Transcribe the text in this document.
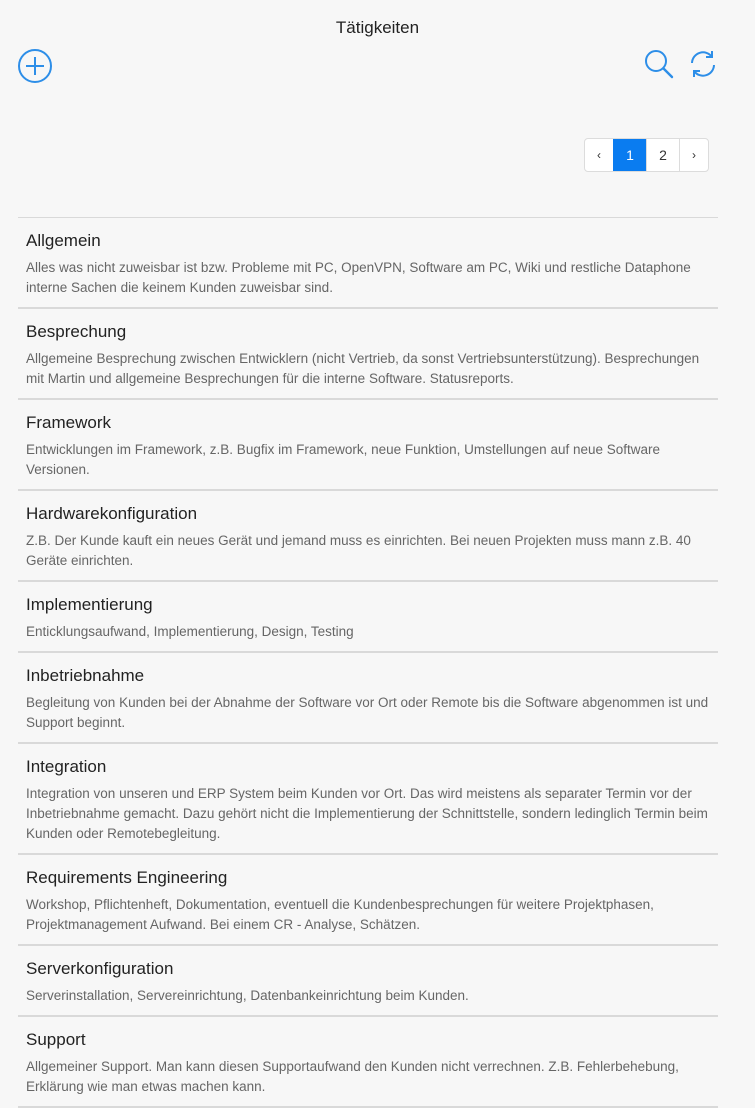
Tätigkeiten
‹	1	2	›
Allgemein
Alles was nicht zuweisbar ist bzw. Probleme mit PC, OpenVPN, Software am PC, Wiki und restliche Dataphone interne Sachen die keinem Kunden zuweisbar sind.
Besprechung
Allgemeine Besprechung zwischen Entwicklern (nicht Vertrieb, da sonst Vertriebsunterstützung). Besprechungen mit Martin und allgemeine Besprechungen für die interne Software. Statusreports.
Framework
Entwicklungen im Framework, z.B. Bugfix im Framework, neue Funktion, Umstellungen auf neue Software Versionen.
Hardwarekonfiguration
Z.B. Der Kunde kauft ein neues Gerät und jemand muss es einrichten. Bei neuen Projekten muss mann z.B. 40 Geräte einrichten.
Implementierung
Enticklungsaufwand, Implementierung, Design, Testing
Inbetriebnahme
Begleitung von Kunden bei der Abnahme der Software vor Ort oder Remote bis die Software abgenommen ist und Support beginnt.
Integration
Integration von unseren und ERP System beim Kunden vor Ort. Das wird meistens als separater Termin vor der Inbetriebnahme gemacht. Dazu gehört nicht die Implementierung der Schnittstelle, sondern ledinglich Termin beim Kunden oder Remotebegleitung.
Requirements Engineering
Workshop, Pflichtenheft, Dokumentation, eventuell die Kundenbesprechungen für weitere Projektphasen, Projektmanagement Aufwand. Bei einem CR - Analyse, Schätzen.
Serverkonfiguration
Serverinstallation, Servereinrichtung, Datenbankeinrichtung beim Kunden.
Support
Allgemeiner Support. Man kann diesen Supportaufwand den Kunden nicht verrechnen. Z.B. Fehlerbehebung, Erklärung wie man etwas machen kann.
